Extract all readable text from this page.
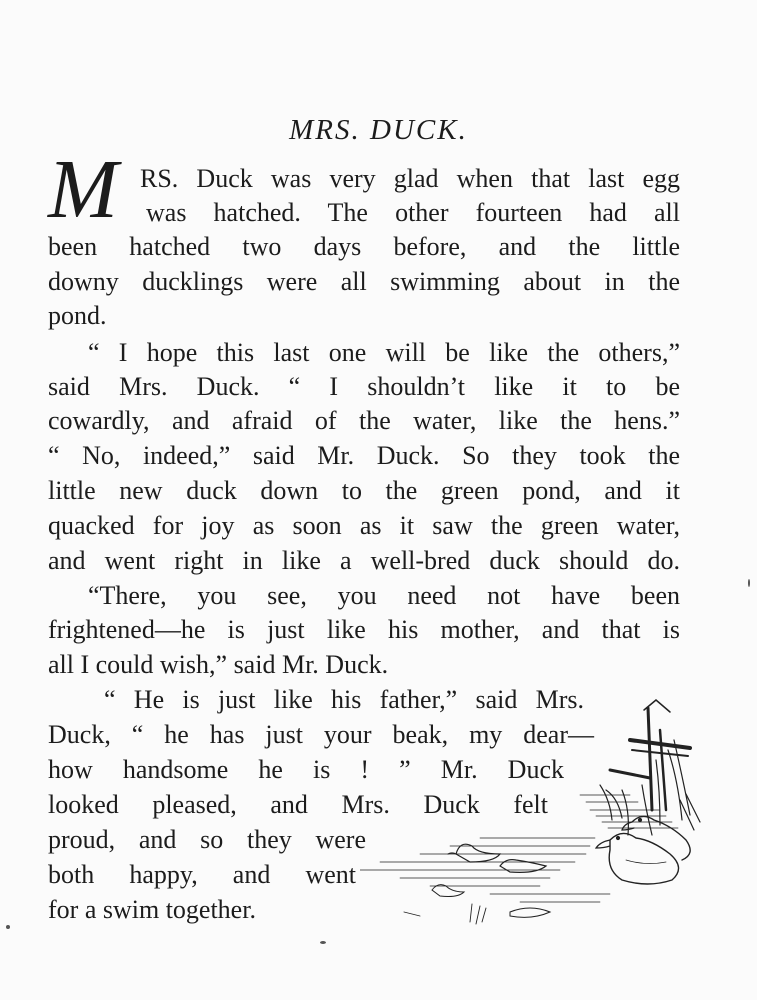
MRS. DUCK.
M RS. Duck was very glad when that last egg
was hatched. The other fourteen had all
been hatched two days before, and the little
downy ducklings were all swimming about in the
pond.
“ I hope this last one will be like the others,”
said Mrs. Duck. “ I shouldn’t like it to be
cowardly, and afraid of the water, like the hens.”
“ No, indeed,” said Mr. Duck. So they took the
little new duck down to the green pond, and it
quacked for joy as soon as it saw the green water,
and went right in like a well-bred duck should do.
“There, you see, you need not have been
frightened—he is just like his mother, and that is
all I could wish,” said Mr. Duck.
“ He is just like his father,” said Mrs.
Duck, “ he has just your beak, my dear—
how handsome he is ! ” Mr. Duck
looked pleased, and Mrs. Duck felt
proud, and so they were
both happy, and went
for a swim together.
